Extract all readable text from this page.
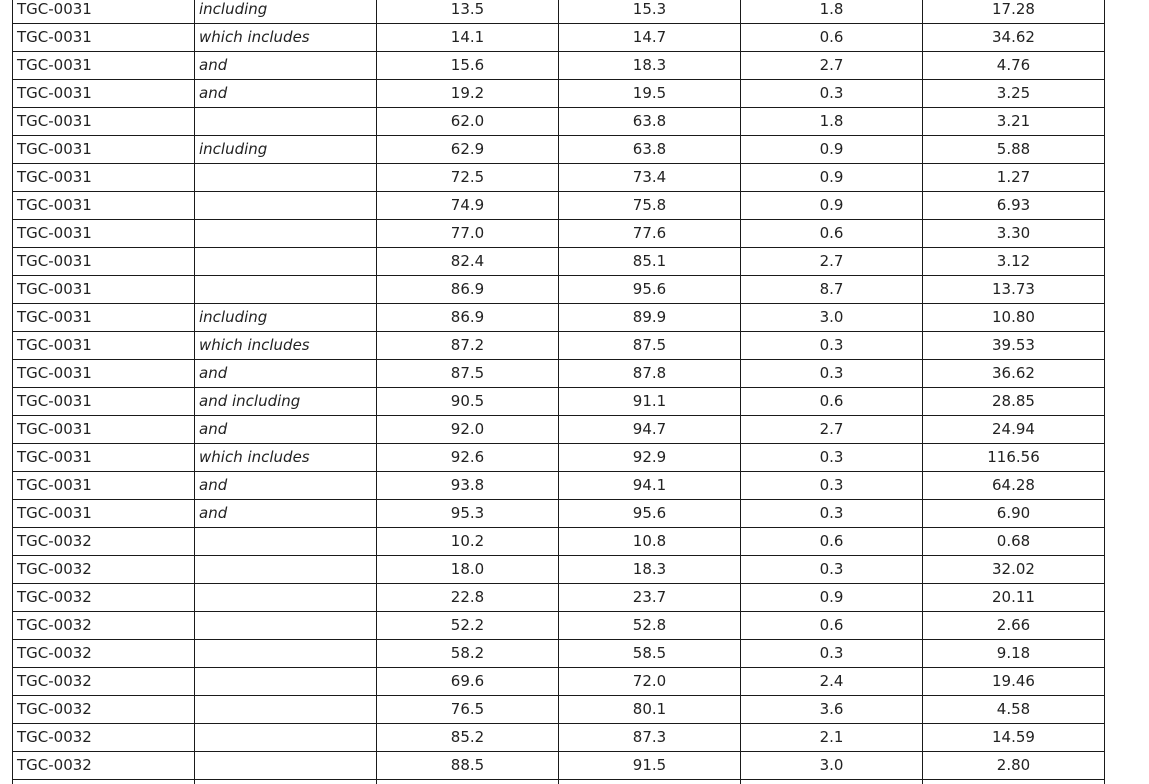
TGC-0031	including	13.5	15.3	1.8	17.28
TGC-0031	which includes	14.1	14.7	0.6	34.62
TGC-0031	and	15.6	18.3	2.7	4.76
TGC-0031	and	19.2	19.5	0.3	3.25
TGC-0031		62.0	63.8	1.8	3.21
TGC-0031	including	62.9	63.8	0.9	5.88
TGC-0031		72.5	73.4	0.9	1.27
TGC-0031		74.9	75.8	0.9	6.93
TGC-0031		77.0	77.6	0.6	3.30
TGC-0031		82.4	85.1	2.7	3.12
TGC-0031		86.9	95.6	8.7	13.73
TGC-0031	including	86.9	89.9	3.0	10.80
TGC-0031	which includes	87.2	87.5	0.3	39.53
TGC-0031	and	87.5	87.8	0.3	36.62
TGC-0031	and including	90.5	91.1	0.6	28.85
TGC-0031	and	92.0	94.7	2.7	24.94
TGC-0031	which includes	92.6	92.9	0.3	116.56
TGC-0031	and	93.8	94.1	0.3	64.28
TGC-0031	and	95.3	95.6	0.3	6.90
TGC-0032		10.2	10.8	0.6	0.68
TGC-0032		18.0	18.3	0.3	32.02
TGC-0032		22.8	23.7	0.9	20.11
TGC-0032		52.2	52.8	0.6	2.66
TGC-0032		58.2	58.5	0.3	9.18
TGC-0032		69.6	72.0	2.4	19.46
TGC-0032		76.5	80.1	3.6	4.58
TGC-0032		85.2	87.3	2.1	14.59
TGC-0032		88.5	91.5	3.0	2.80
